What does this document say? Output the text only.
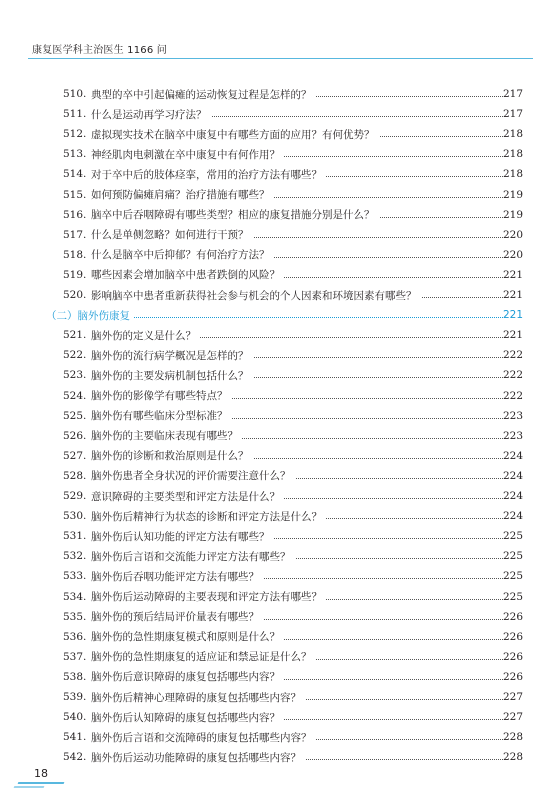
康复医学科主治医生 1166 问
510. 典型的卒中引起偏瘫的运动恢复过程是怎样的？	217
511. 什么是运动再学习疗法？	217
512. 虚拟现实技术在脑卒中康复中有哪些方面的应用？有何优势？	218
513. 神经肌肉电刺激在卒中康复中有何作用？	218
514. 对于卒中后的肢体痉挛，常用的治疗方法有哪些？	218
515. 如何预防偏瘫肩痛？治疗措施有哪些？	219
516. 脑卒中后吞咽障碍有哪些类型？相应的康复措施分别是什么？	219
517. 什么是单侧忽略？如何进行干预？	220
518. 什么是脑卒中后抑郁？有何治疗方法？	220
519. 哪些因素会增加脑卒中患者跌倒的风险？	221
520. 影响脑卒中患者重新获得社会参与机会的个人因素和环境因素有哪些？	221
（二）脑外伤康复	221
521. 脑外伤的定义是什么？	221
522. 脑外伤的流行病学概况是怎样的？	222
523. 脑外伤的主要发病机制包括什么？	222
524. 脑外伤的影像学有哪些特点？	222
525. 脑外伤有哪些临床分型标准？	223
526. 脑外伤的主要临床表现有哪些？	223
527. 脑外伤的诊断和救治原则是什么？	224
528. 脑外伤患者全身状况的评价需要注意什么？	224
529. 意识障碍的主要类型和评定方法是什么？	224
530. 脑外伤后精神行为状态的诊断和评定方法是什么？	224
531. 脑外伤后认知功能的评定方法有哪些？	225
532. 脑外伤后言语和交流能力评定方法有哪些？	225
533. 脑外伤后吞咽功能评定方法有哪些？	225
534. 脑外伤后运动障碍的主要表现和评定方法有哪些？	225
535. 脑外伤的预后结局评价量表有哪些？	226
536. 脑外伤的急性期康复模式和原则是什么？	226
537. 脑外伤的急性期康复的适应证和禁忌证是什么？	226
538. 脑外伤后意识障碍的康复包括哪些内容？	226
539. 脑外伤后精神心理障碍的康复包括哪些内容？	227
540. 脑外伤后认知障碍的康复包括哪些内容？	227
541. 脑外伤后言语和交流障碍的康复包括哪些内容？	228
542. 脑外伤后运动功能障碍的康复包括哪些内容？	228
18
